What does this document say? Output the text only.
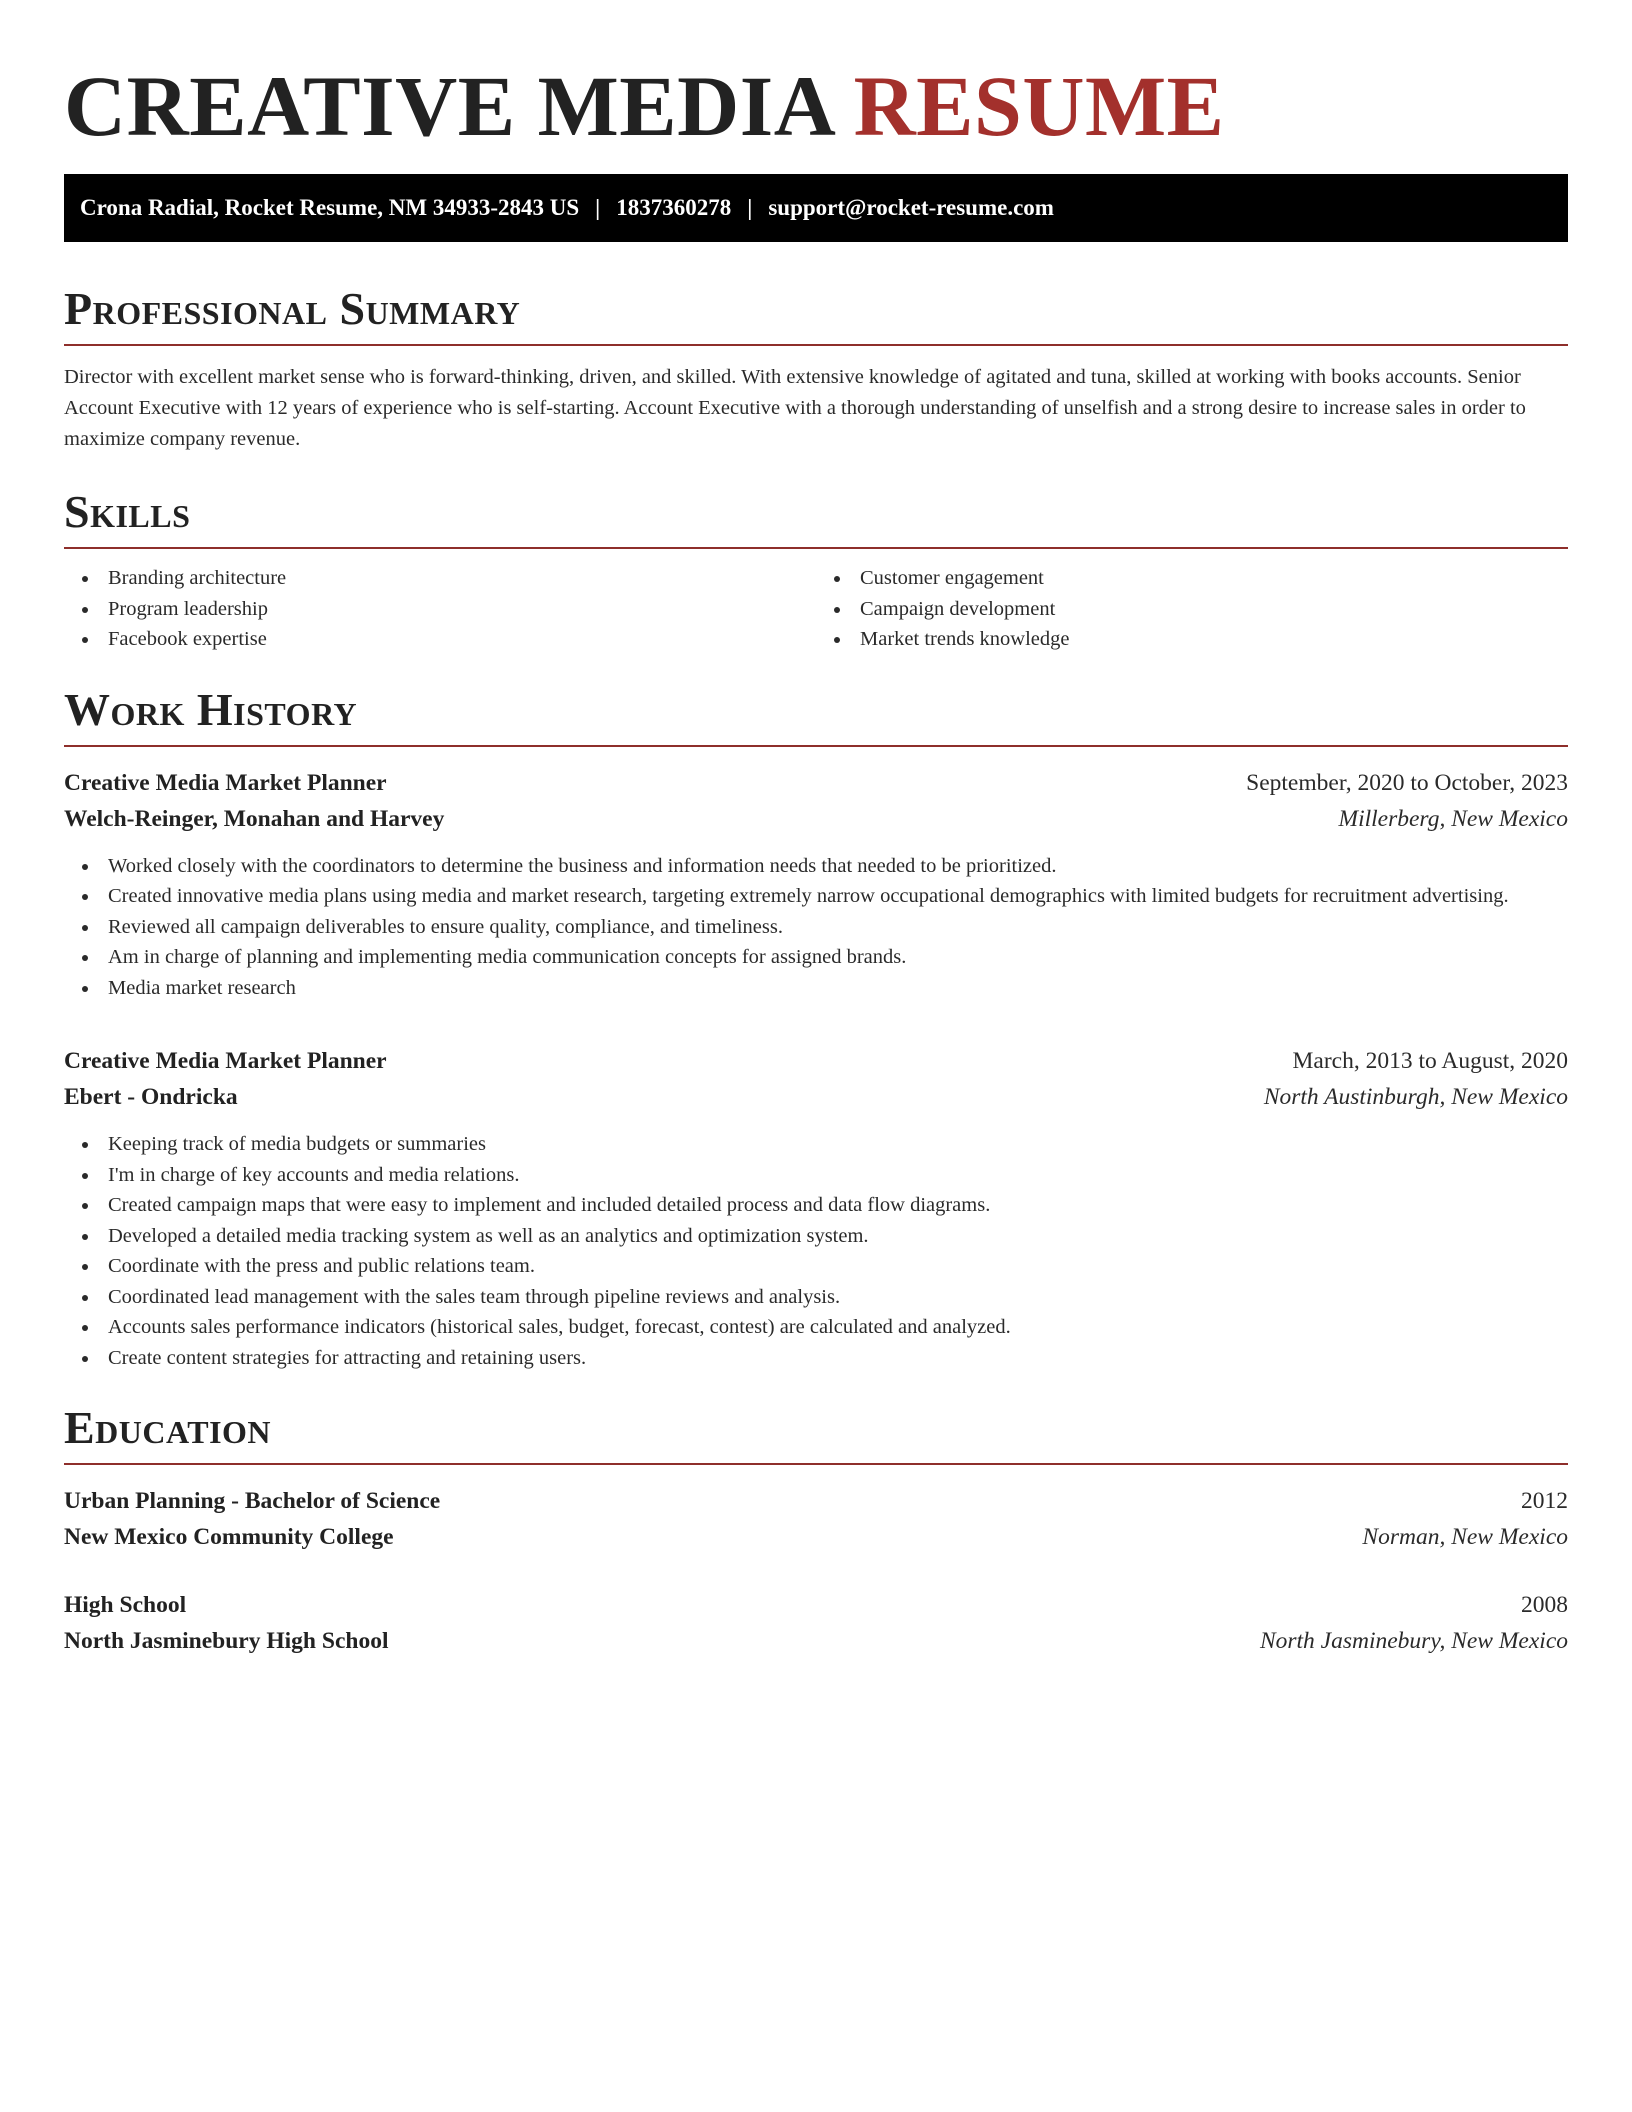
CREATIVE MEDIA RESUME
Crona Radial, Rocket Resume, NM 34933-2843 US | 1837360278 | support@rocket-resume.com
Professional Summary

Director with excellent market sense who is forward-thinking, driven, and skilled. With extensive knowledge of agitated and tuna, skilled at working with books accounts. Senior Account Executive with 12 years of experience who is self-starting. Account Executive with a thorough understanding of unselfish and a strong desire to increase sales in order to maximize company revenue.

Skills
Branding architecture
Program leadership
Facebook expertise
Customer engagement
Campaign development
Market trends knowledge
Work History
Creative Media Market Planner	September, 2020 to October, 2023
Welch-Reinger, Monahan and Harvey	Millerberg, New Mexico
Worked closely with the coordinators to determine the business and information needs that needed to be prioritized.
Created innovative media plans using media and market research, targeting extremely narrow occupational demographics with limited budgets for recruitment advertising.
Reviewed all campaign deliverables to ensure quality, compliance, and timeliness.
Am in charge of planning and implementing media communication concepts for assigned brands.
Media market research
Creative Media Market Planner	March, 2013 to August, 2020
Ebert - Ondricka	North Austinburgh, New Mexico
Keeping track of media budgets or summaries
I'm in charge of key accounts and media relations.
Created campaign maps that were easy to implement and included detailed process and data flow diagrams.
Developed a detailed media tracking system as well as an analytics and optimization system.
Coordinate with the press and public relations team.
Coordinated lead management with the sales team through pipeline reviews and analysis.
Accounts sales performance indicators (historical sales, budget, forecast, contest) are calculated and analyzed.
Create content strategies for attracting and retaining users.
Education
Urban Planning - Bachelor of Science	2012
New Mexico Community College	Norman, New Mexico
High School	2008
North Jasminebury High School	North Jasminebury, New Mexico
